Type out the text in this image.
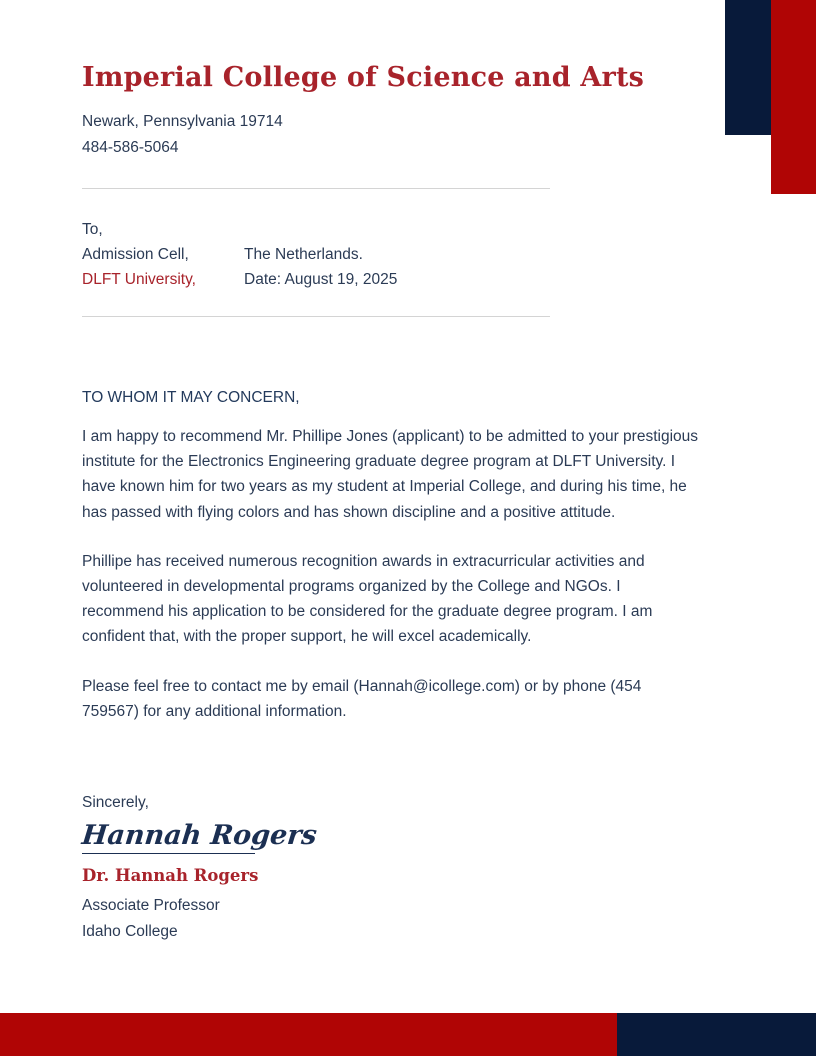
Imperial College of Science and Arts
Newark, Pennsylvania 19714
484-586-5064
To,
Admission Cell,	The Netherlands.
DLFT University,	Date: August 19, 2025
TO WHOM IT MAY CONCERN,

I am happy to recommend Mr. Phillipe Jones (applicant) to be admitted to your prestigious institute for the Electronics Engineering graduate degree program at DLFT University. I have known him for two years as my student at Imperial College, and during his time, he has passed with flying colors and has shown discipline and a positive attitude.

Phillipe has received numerous recognition awards in extracurricular activities and volunteered in developmental programs organized by the College and NGOs. I recommend his application to be considered for the graduate degree program. I am confident that, with the proper support, he will excel academically.

Please feel free to contact me by email (Hannah@icollege.com) or by phone (454 759567) for any additional information.

Sincerely,
Hannah Rogers
Dr. Hannah Rogers
Associate Professor
Idaho College
